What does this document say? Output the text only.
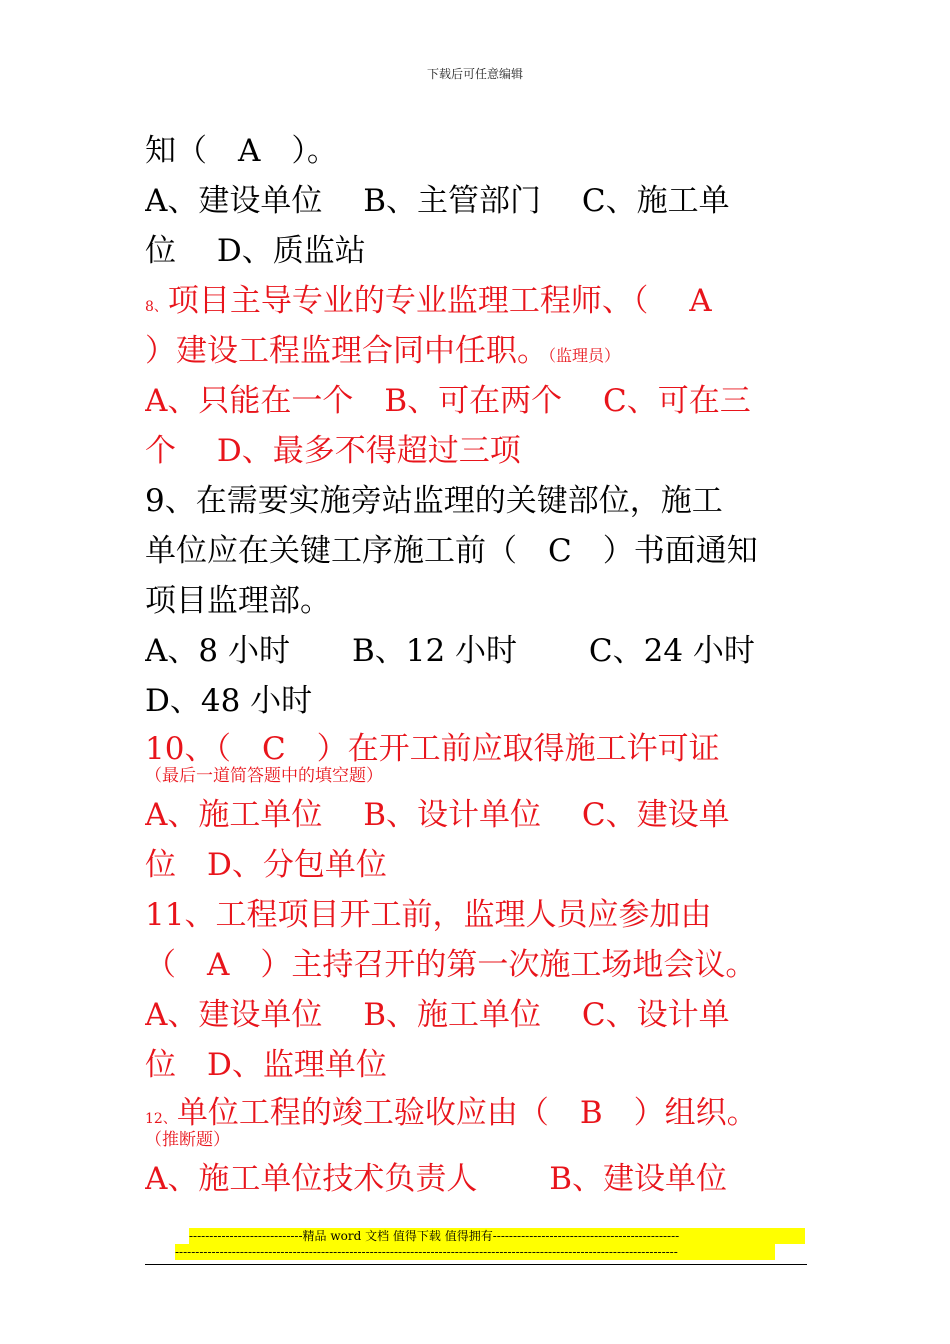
下载后可任意编辑
知（　A　）。
A、建设单位　 B、主管部门　 C、施工单
位　 D、质监站
8、项目主导专业的专业监理工程师、（　 A
）建设工程监理合同中任职。（监理员）
A、只能在一个　B、可在两个　 C、可在三
个　 D、最多不得超过三项
9、在需要实施旁站监理的关键部位，施工
单位应在关键工序施工前（　C　）书面通知
项目监理部。
A、8 小时　　B、12 小时　　 C、24 小时
D、48 小时
10、（　C　）在开工前应取得施工许可证
（最后一道简答题中的填空题）
A、施工单位　 B、设计单位　 C、建设单
位　D、分包单位
11、工程项目开工前，监理人员应参加由
（　A　）主持召开的第一次施工场地会议。
A、建设单位　 B、施工单位　 C、设计单
位　D、监理单位
12、单位工程的竣工验收应由（　B　）组织。
（推断题）
A、施工单位技术负责人　　 B、建设单位
----------------------------精品 word 文档 值得下载 值得拥有----------------------------------------------
----------------------------------------------------------------------------------------------------------------------------
